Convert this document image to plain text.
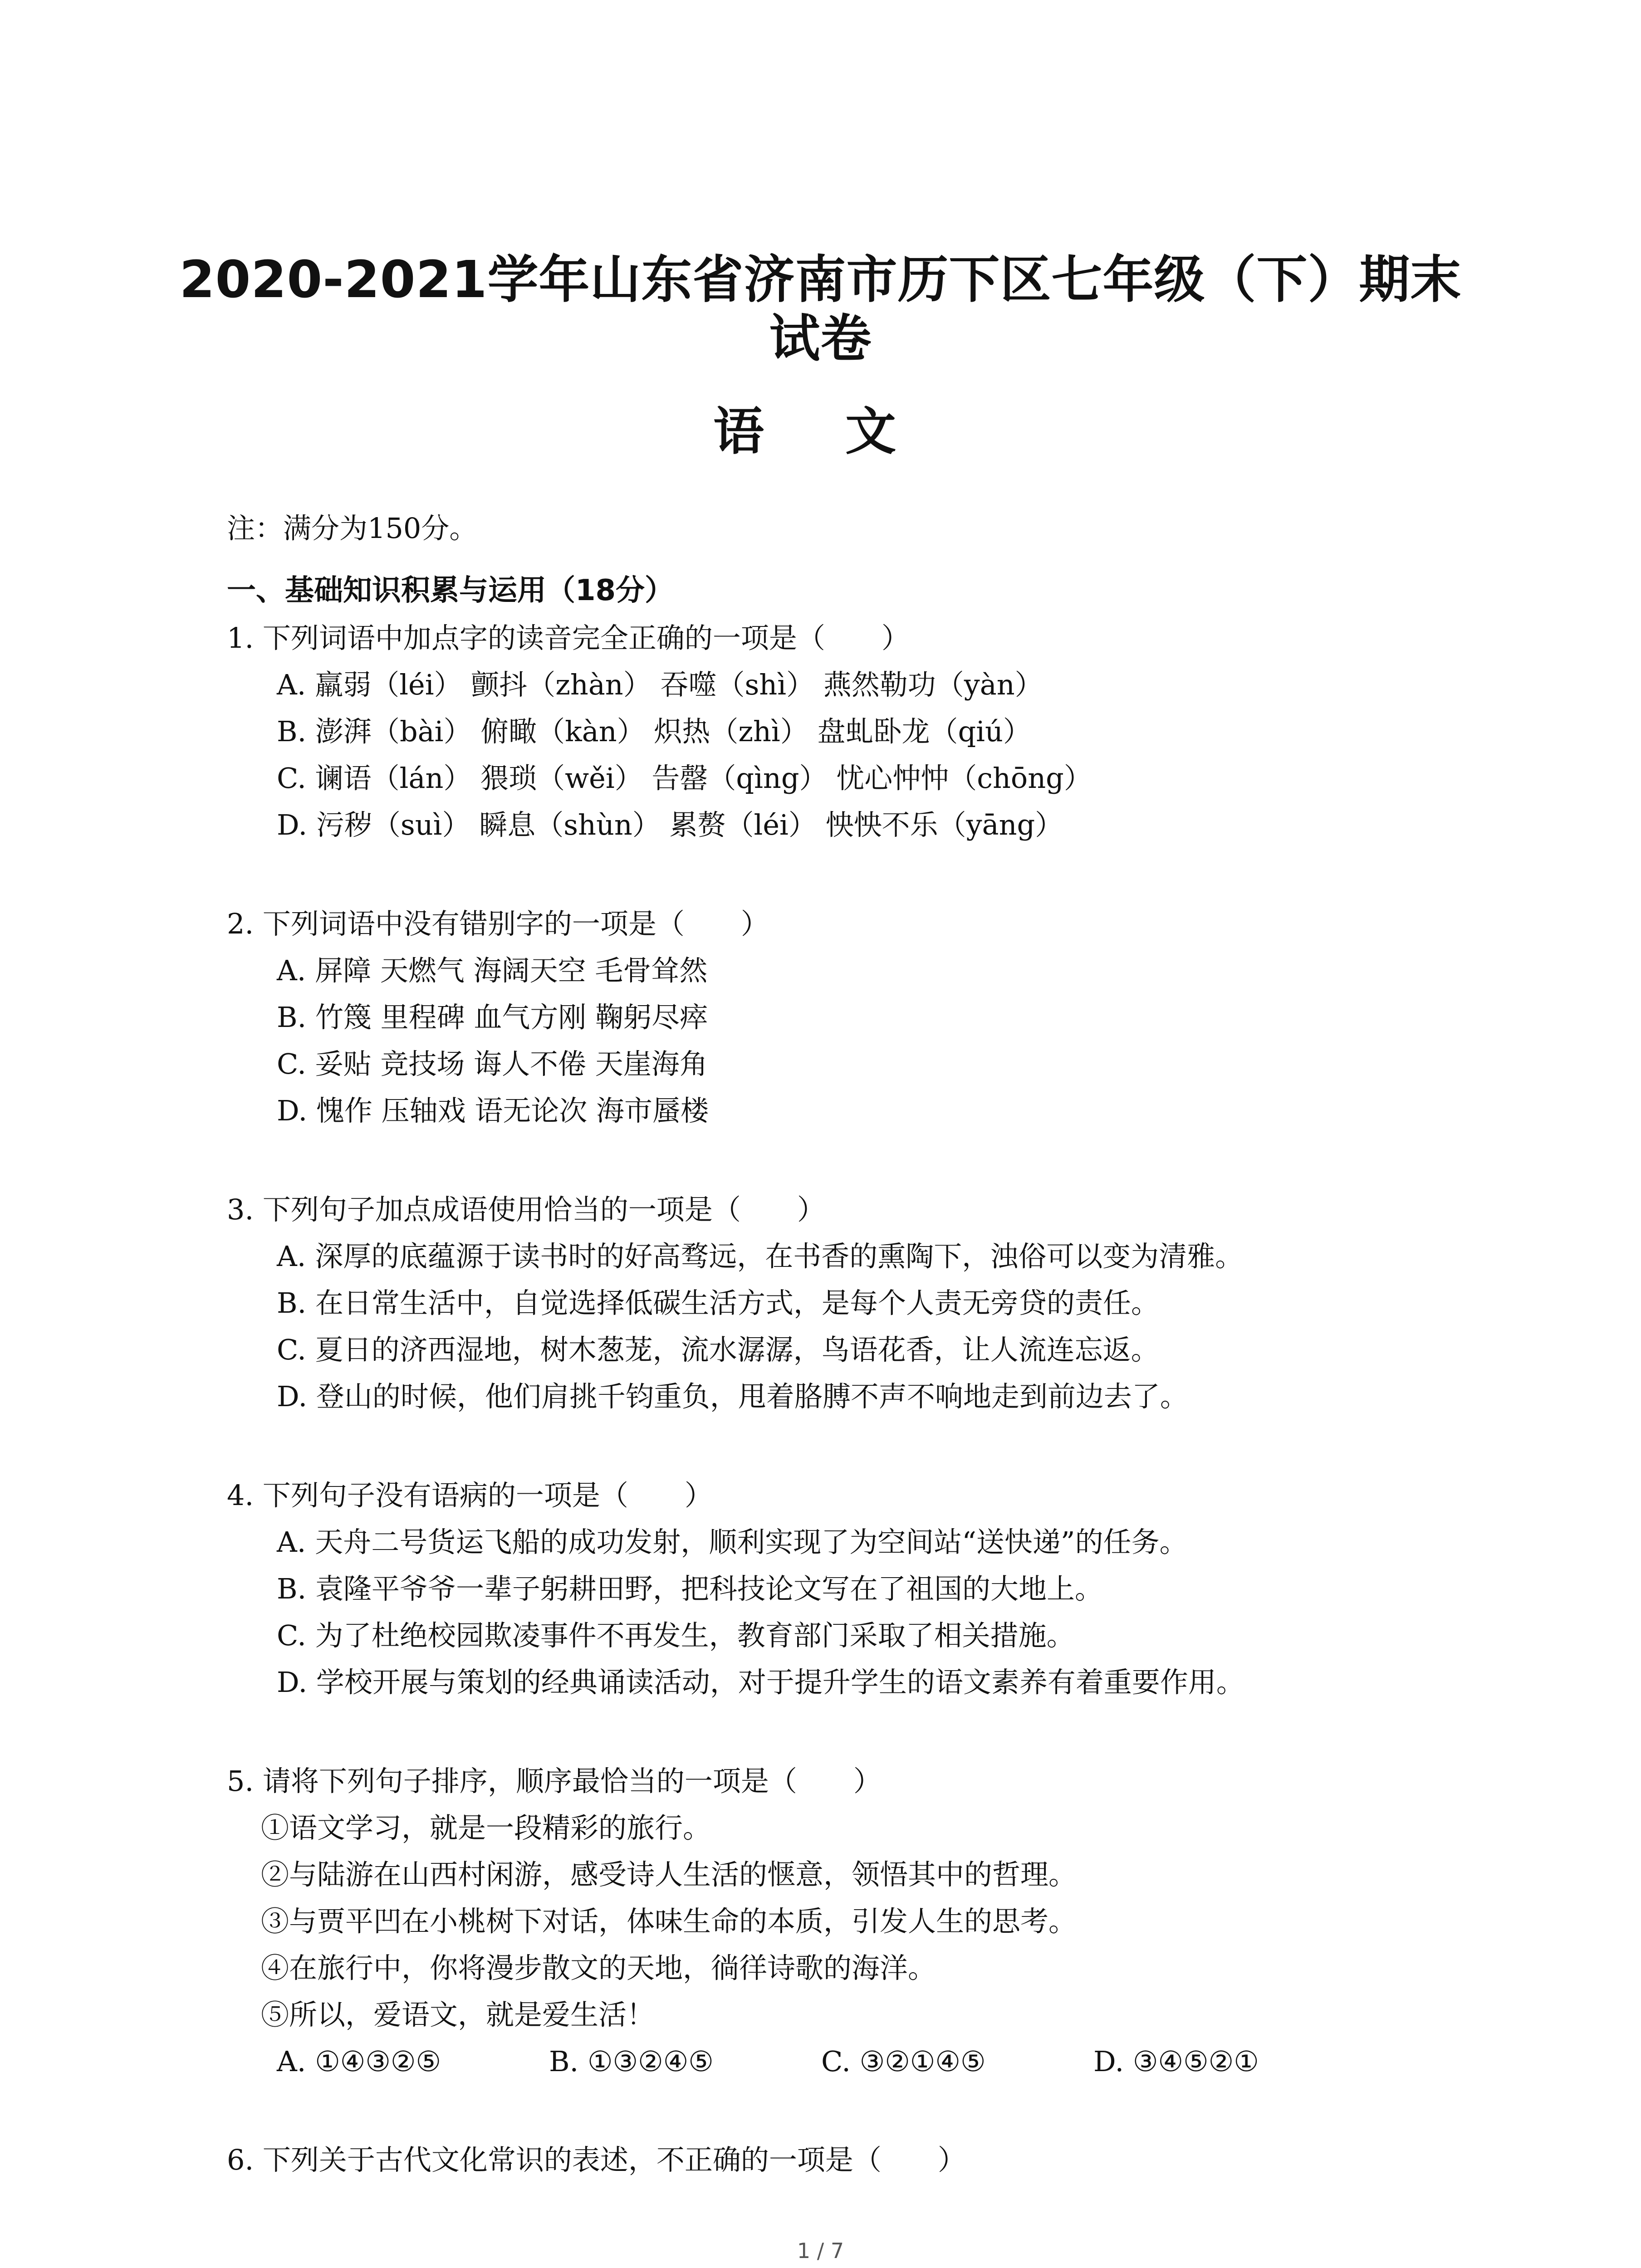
2020-2021学年山东省济南市历下区七年级（下）期末
试卷
语 文
注：满分为150分。
一、基础知识积累与运用（18分）

1. 下列词语中加点字的读音完全正确的一项是（　　）

A. 羸弱（léi） 颤抖（zhàn） 吞噬（shì） 燕然勒功（yàn）

B. 澎湃（bài） 俯瞰（kàn） 炽热（zhì） 盘虬卧龙（qiú）

C. 谰语（lán） 猥琐（wěi） 告罄（qìng） 忧心忡忡（chōng）

D. 污秽（suì） 瞬息（shùn） 累赘（léi） 怏怏不乐（yāng）

2. 下列词语中没有错别字的一项是（　　）

A. 屏障 天燃气 海阔天空 毛骨耸然

B. 竹篾 里程碑 血气方刚 鞠躬尽瘁

C. 妥贴 竞技场 诲人不倦 天崖海角

D. 愧作 压轴戏 语无论次 海市蜃楼

3. 下列句子加点成语使用恰当的一项是（　　）

A. 深厚的底蕴源于读书时的好高骛远，在书香的熏陶下，浊俗可以变为清雅。

B. 在日常生活中，自觉选择低碳生活方式，是每个人责无旁贷的责任。

C. 夏日的济西湿地，树木葱茏，流水潺潺，鸟语花香，让人流连忘返。

D. 登山的时候，他们肩挑千钧重负，甩着胳膊不声不响地走到前边去了。

4. 下列句子没有语病的一项是（　　）

A. 天舟二号货运飞船的成功发射，顺利实现了为空间站“送快递”的任务。

B. 袁隆平爷爷一辈子躬耕田野，把科技论文写在了祖国的大地上。

C. 为了杜绝校园欺凌事件不再发生，教育部门采取了相关措施。

D. 学校开展与策划的经典诵读活动，对于提升学生的语文素养有着重要作用。

5. 请将下列句子排序，顺序最恰当的一项是（　　）

①语文学习，就是一段精彩的旅行。

②与陆游在山西村闲游，感受诗人生活的惬意，领悟其中的哲理。

③与贾平凹在小桃树下对话，体味生命的本质，引发人生的思考。

④在旅行中，你将漫步散文的天地，徜徉诗歌的海洋。

⑤所以，爱语文，就是爱生活！

A. ①④③②⑤	B. ①③②④⑤	C. ③②①④⑤	D. ③④⑤②①

6. 下列关于古代文化常识的表述，不正确的一项是（　　）

1 / 7
